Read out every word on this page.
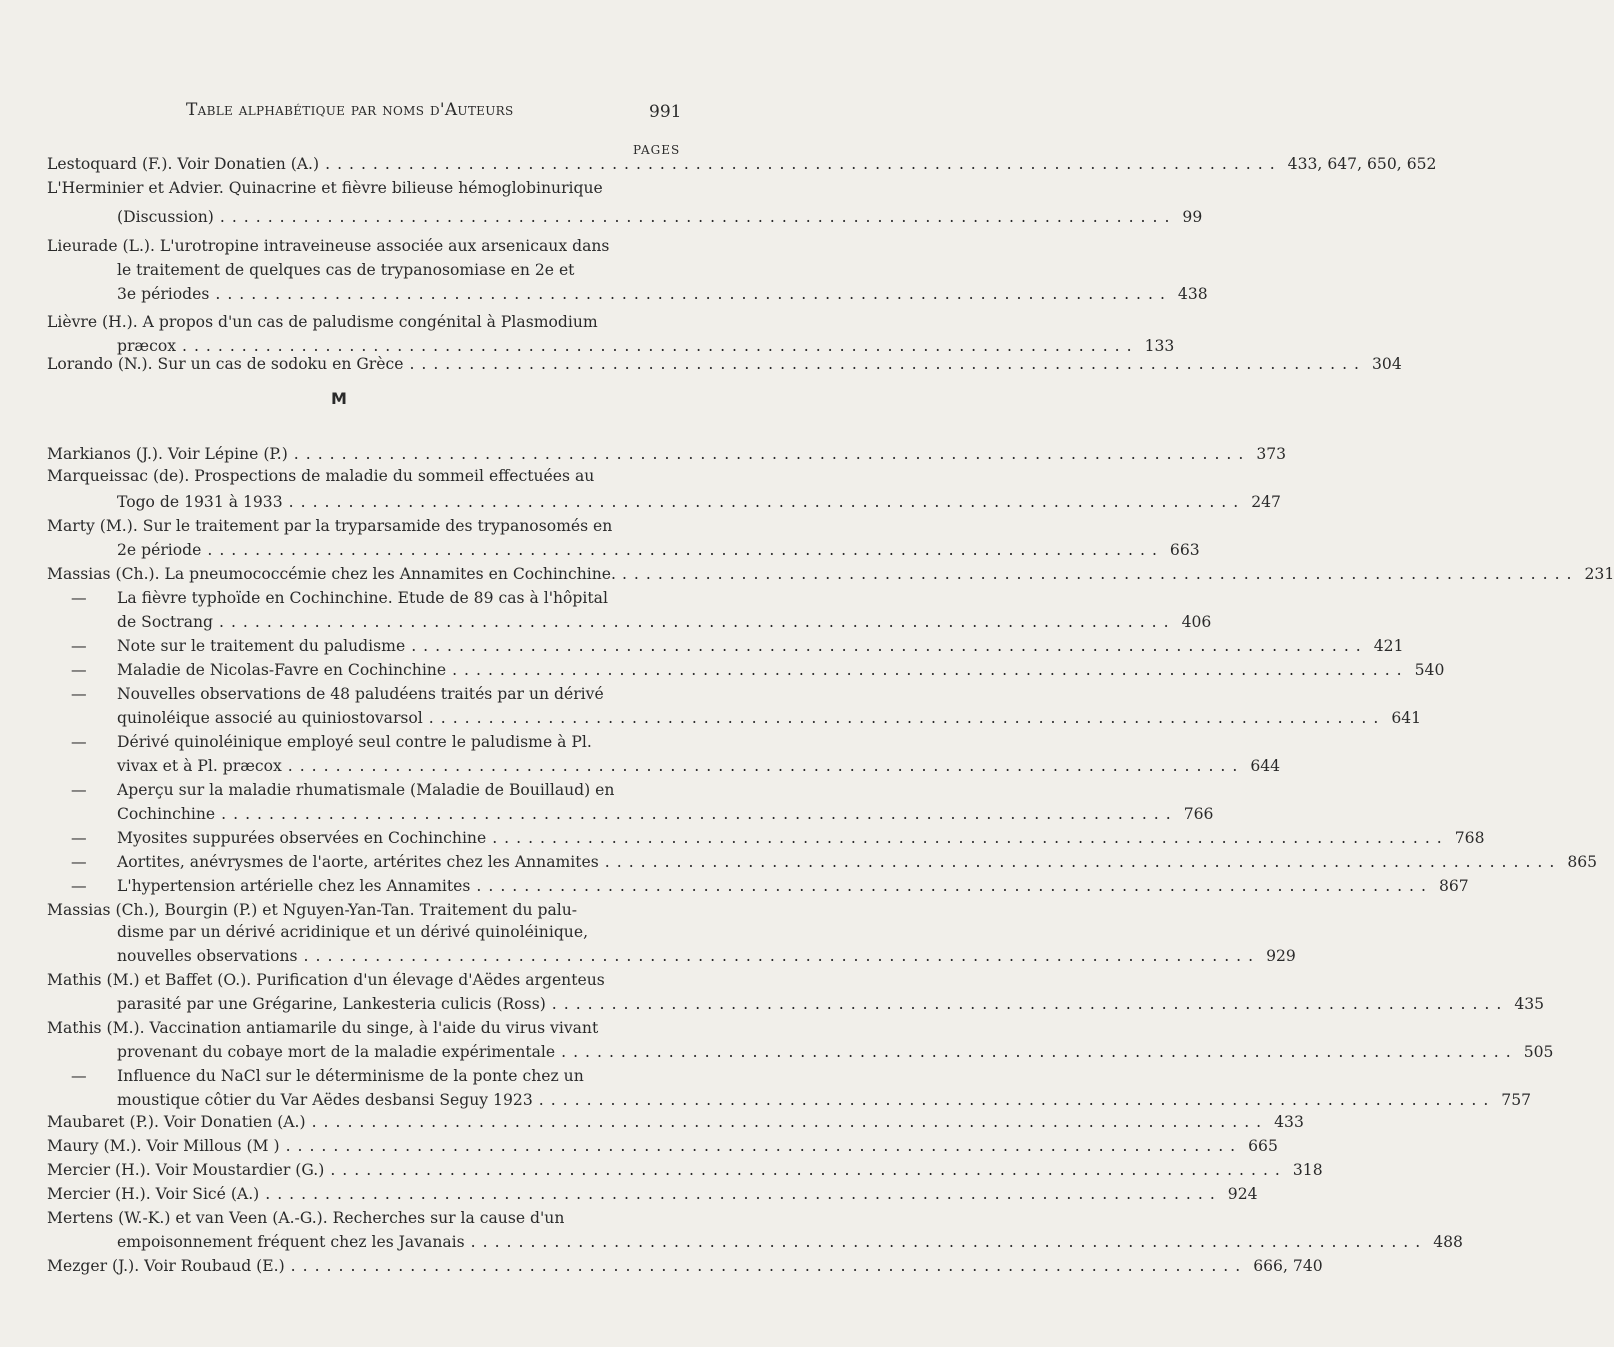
Table alphabétique par noms d'Auteurs	991
PAGES
M
Lestoquard (F.). Voir Donatien (A.) ................................................................................ 433, 647, 650, 652
L'Herminier et Advier. Quinacrine et fièvre bilieuse hémoglobinurique
(Discussion) ................................................................................ 99
Lieurade (L.). L'urotropine intraveineuse associée aux arsenicaux dans
le traitement de quelques cas de trypanosomiase en 2e et
3e périodes ................................................................................ 438
Lièvre (H.). A propos d'un cas de paludisme congénital à Plasmodium
præcox ................................................................................ 133
Lorando (N.). Sur un cas de sodoku en Grèce ................................................................................ 304
Markianos (J.). Voir Lépine (P.) ................................................................................ 373
Marqueissac (de). Prospections de maladie du sommeil effectuées au
Togo de 1931 à 1933 ................................................................................ 247
Marty (M.). Sur le traitement par la tryparsamide des trypanosomés en
2e période ................................................................................ 663
Massias (Ch.). La pneumococcémie chez les Annamites en Cochinchine. ................................................................................ 231
— La fièvre typhoïde en Cochinchine. Etude de 89 cas à l'hôpital
de Soctrang ................................................................................ 406
— Note sur le traitement du paludisme ................................................................................ 421
— Maladie de Nicolas-Favre en Cochinchine ................................................................................ 540
— Nouvelles observations de 48 paludéens traités par un dérivé
quinoléique associé au quiniostovarsol ................................................................................ 641
— Dérivé quinoléinique employé seul contre le paludisme à Pl.
vivax et à Pl. præcox ................................................................................ 644
— Aperçu sur la maladie rhumatismale (Maladie de Bouillaud) en
Cochinchine ................................................................................ 766
— Myosites suppurées observées en Cochinchine ................................................................................ 768
— Aortites, anévrysmes de l'aorte, artérites chez les Annamites ................................................................................ 865
— L'hypertension artérielle chez les Annamites ................................................................................ 867
Massias (Ch.), Bourgin (P.) et Nguyen-Yan-Tan. Traitement du palu-
disme par un dérivé acridinique et un dérivé quinoléinique,
nouvelles observations ................................................................................ 929
Mathis (M.) et Baffet (O.). Purification d'un élevage d'Aëdes argenteus
parasité par une Grégarine, Lankesteria culicis (Ross) ................................................................................ 435
Mathis (M.). Vaccination antiamarile du singe, à l'aide du virus vivant
provenant du cobaye mort de la maladie expérimentale ................................................................................ 505
— Influence du NaCl sur le déterminisme de la ponte chez un
moustique côtier du Var Aëdes desbansi Seguy 1923 ................................................................................ 757
Maubaret (P.). Voir Donatien (A.) ................................................................................ 433
Maury (M.). Voir Millous (M ) ................................................................................ 665
Mercier (H.). Voir Moustardier (G.) ................................................................................ 318
Mercier (H.). Voir Sicé (A.) ................................................................................ 924
Mertens (W.-K.) et van Veen (A.-G.). Recherches sur la cause d'un
empoisonnement fréquent chez les Javanais ................................................................................ 488
Mezger (J.). Voir Roubaud (E.) ................................................................................ 666, 740
